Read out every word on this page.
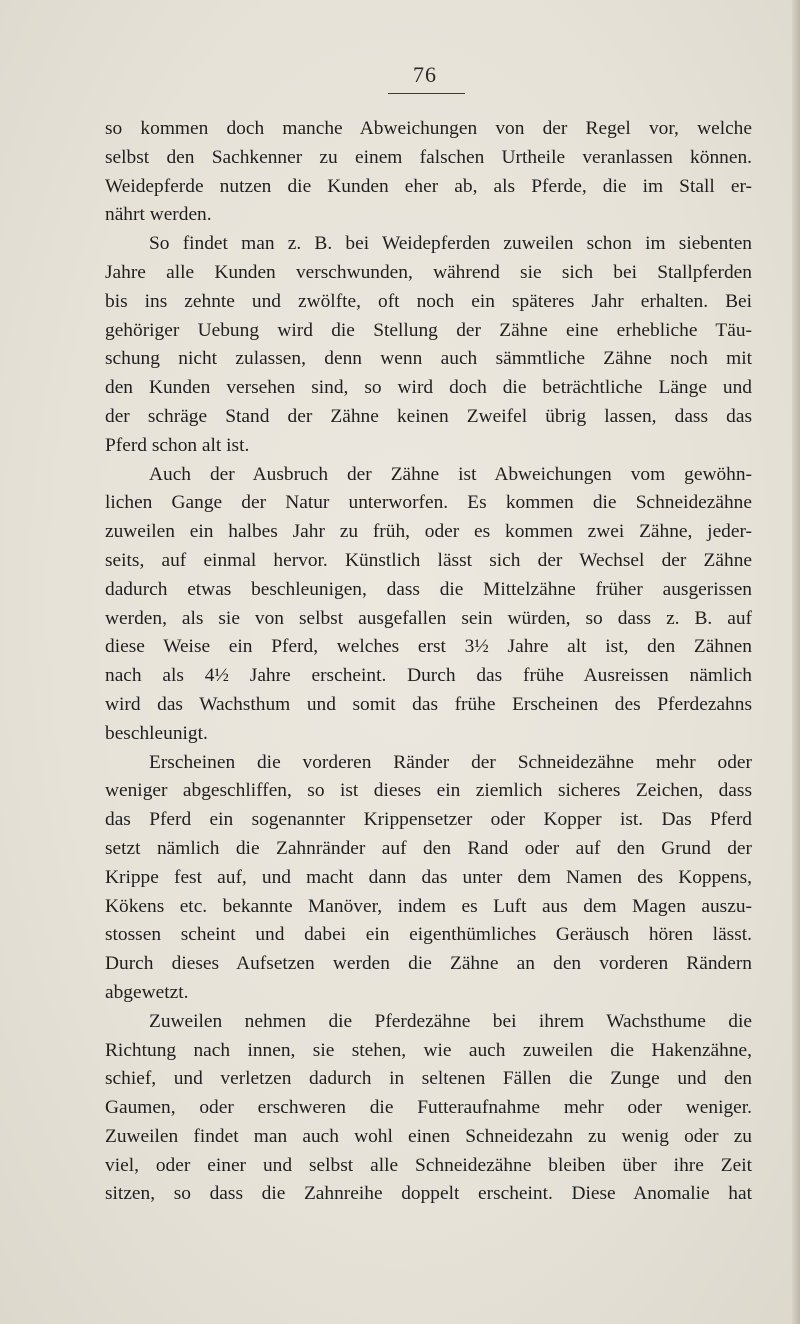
76
so kommen doch manche Abweichungen von der Regel vor, welche
selbst den Sachkenner zu einem falschen Urtheile veranlassen können.
Weidepferde nutzen die Kunden eher ab, als Pferde, die im Stall er-
nährt werden.
So findet man z. B. bei Weidepferden zuweilen schon im siebenten
Jahre alle Kunden verschwunden, während sie sich bei Stallpferden
bis ins zehnte und zwölfte, oft noch ein späteres Jahr erhalten. Bei
gehöriger Uebung wird die Stellung der Zähne eine erhebliche Täu-
schung nicht zulassen, denn wenn auch sämmtliche Zähne noch mit
den Kunden versehen sind, so wird doch die beträchtliche Länge und
der schräge Stand der Zähne keinen Zweifel übrig lassen, dass das
Pferd schon alt ist.
Auch der Ausbruch der Zähne ist Abweichungen vom gewöhn-
lichen Gange der Natur unterworfen. Es kommen die Schneidezähne
zuweilen ein halbes Jahr zu früh, oder es kommen zwei Zähne, jeder-
seits, auf einmal hervor. Künstlich lässt sich der Wechsel der Zähne
dadurch etwas beschleunigen, dass die Mittelzähne früher ausgerissen
werden, als sie von selbst ausgefallen sein würden, so dass z. B. auf
diese Weise ein Pferd, welches erst 3½ Jahre alt ist, den Zähnen
nach als 4½ Jahre erscheint. Durch das frühe Ausreissen nämlich
wird das Wachsthum und somit das frühe Erscheinen des Pferdezahns
beschleunigt.
Erscheinen die vorderen Ränder der Schneidezähne mehr oder
weniger abgeschliffen, so ist dieses ein ziemlich sicheres Zeichen, dass
das Pferd ein sogenannter Krippensetzer oder Kopper ist. Das Pferd
setzt nämlich die Zahnränder auf den Rand oder auf den Grund der
Krippe fest auf, und macht dann das unter dem Namen des Koppens,
Kökens etc. bekannte Manöver, indem es Luft aus dem Magen auszu-
stossen scheint und dabei ein eigenthümliches Geräusch hören lässt.
Durch dieses Aufsetzen werden die Zähne an den vorderen Rändern
abgewetzt.
Zuweilen nehmen die Pferdezähne bei ihrem Wachsthume die
Richtung nach innen, sie stehen, wie auch zuweilen die Hakenzähne,
schief, und verletzen dadurch in seltenen Fällen die Zunge und den
Gaumen, oder erschweren die Futteraufnahme mehr oder weniger.
Zuweilen findet man auch wohl einen Schneidezahn zu wenig oder zu
viel, oder einer und selbst alle Schneidezähne bleiben über ihre Zeit
sitzen, so dass die Zahnreihe doppelt erscheint. Diese Anomalie hat
